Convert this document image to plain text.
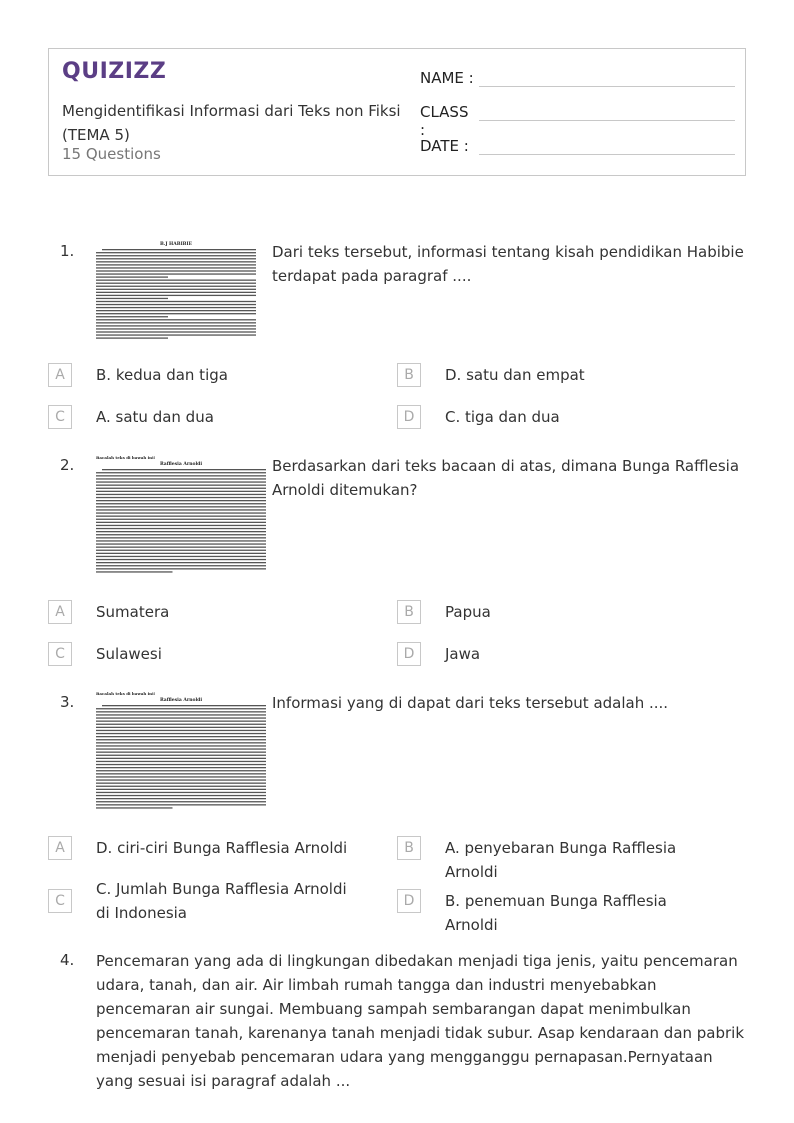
QUIZIZZ
Mengidentifikasi Informasi dari Teks non Fiksi (TEMA 5)
15 Questions
NAME :
CLASS :
DATE :
1.	B.J HABIBIE	Dari teks tersebut, informasi tentang kisah pendidikan Habibie terdapat pada paragraf ....
A	B. kedua dan tiga	B	D. satu dan empat
C	A. satu dan dua	D	C. tiga dan dua
2.	Bacalah teks di bawah ini!
Rafflesia Arnoldi	Berdasarkan dari teks bacaan di atas, dimana Bunga Rafflesia Arnoldi ditemukan?
A	Sumatera	B	Papua
C	Sulawesi	D	Jawa
3.	Bacalah teks di bawah ini!
Rafflesia Arnoldi	Informasi yang di dapat dari teks tersebut adalah ....
A	D. ciri-ciri Bunga Rafflesia Arnoldi	B	A. penyebaran Bunga Rafflesia Arnoldi
C
C. Jumlah Bunga Rafflesia Arnoldi di Indonesia
D	B. penemuan Bunga Rafflesia Arnoldi
4. Pencemaran yang ada di lingkungan dibedakan menjadi tiga jenis, yaitu pencemaran udara, tanah, dan air. Air limbah rumah tangga dan industri menyebabkan pencemaran air sungai. Membuang sampah sembarangan dapat menimbulkan pencemaran tanah, karenanya tanah menjadi tidak subur. Asap kendaraan dan pabrik menjadi penyebab pencemaran udara yang mengganggu pernapasan.Pernyataan yang sesuai isi paragraf adalah ...
